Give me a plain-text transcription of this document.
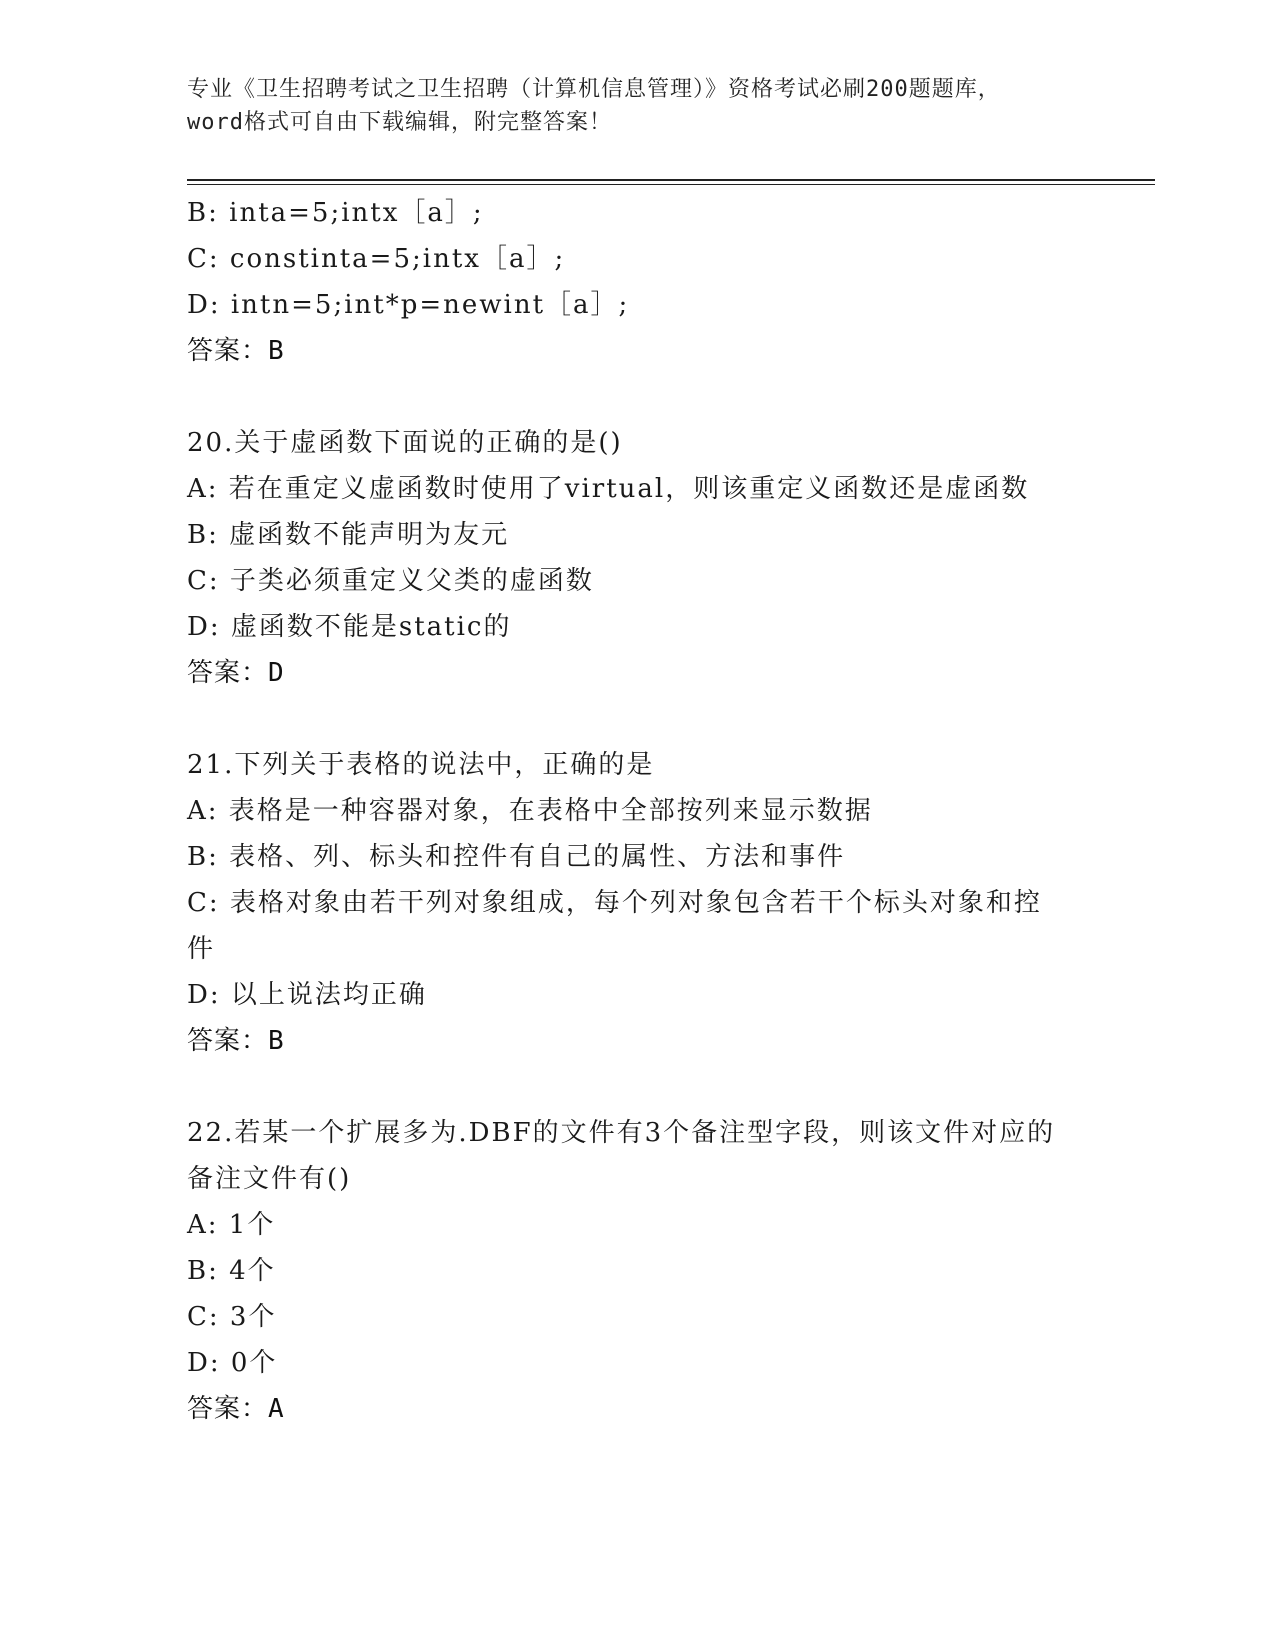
专业《卫生招聘考试之卫生招聘（计算机信息管理）》资格考试必刷200题题库，
word格式可自由下载编辑，附完整答案！
B: inta=5;intx［a］;
C: constinta=5;intx［a］;
D: intn=5;int*p=newint［a］;
答案：B
20.关于虚函数下面说的正确的是()
A: 若在重定义虚函数时使用了virtual，则该重定义函数还是虚函数
B: 虚函数不能声明为友元
C: 子类必须重定义父类的虚函数
D: 虚函数不能是static的
答案：D
21.下列关于表格的说法中，正确的是
A: 表格是一种容器对象，在表格中全部按列来显示数据
B: 表格、列、标头和控件有自己的属性、方法和事件
C: 表格对象由若干列对象组成，每个列对象包含若干个标头对象和控
件
D: 以上说法均正确
答案：B
22.若某一个扩展多为.DBF的文件有3个备注型字段，则该文件对应的
备注文件有()
A: 1个
B: 4个
C: 3个
D: 0个
答案：A
